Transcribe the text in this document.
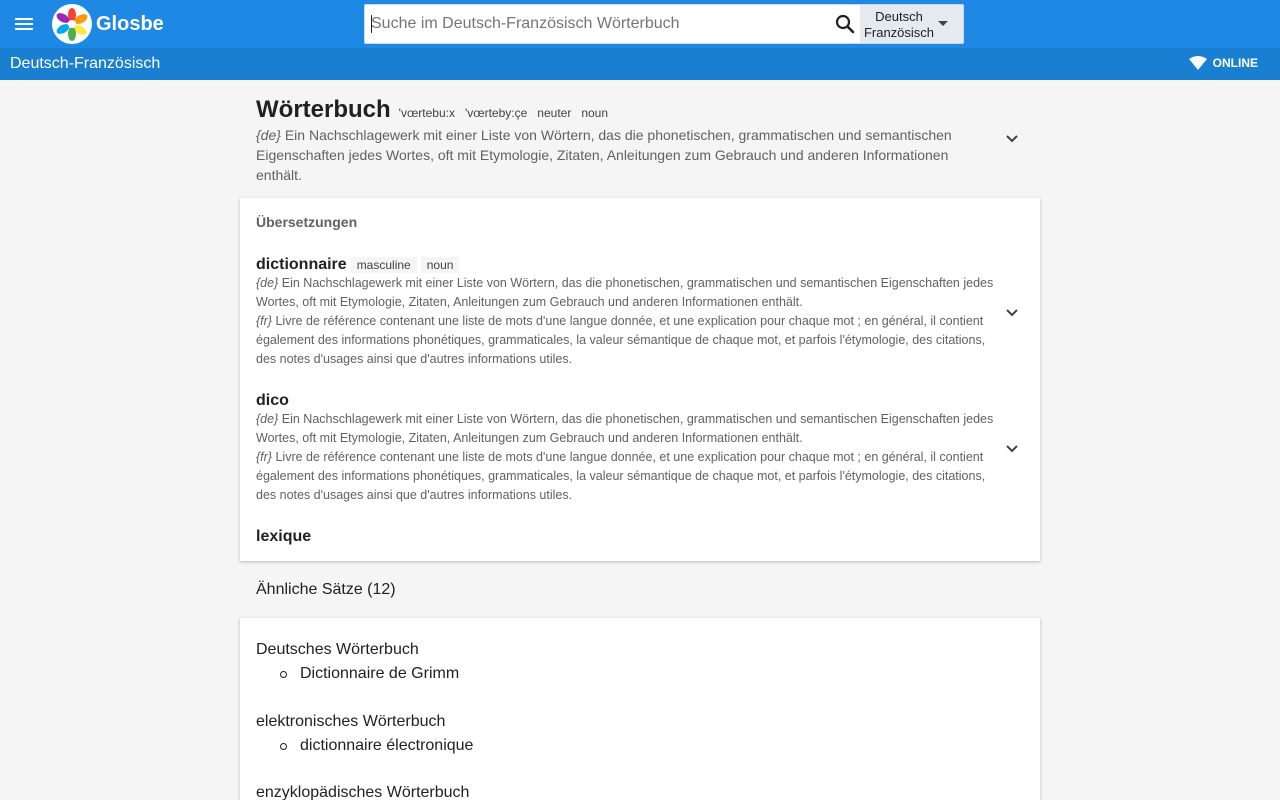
Glosbe
Suche im Deutsch-Französisch Wörterbuch	Deutsch
Französisch
Deutsch-Französisch	ONLINE
Wörterbuch 'vœrtebu:x 'vœrteby:çe neuter noun
{de} Ein Nachschlagewerk mit einer Liste von Wörtern, das die phonetischen, grammatischen und semantischen Eigenschaften jedes Wortes, oft mit Etymologie, Zitaten, Anleitungen zum Gebrauch und anderen Informationen enthält.
Übersetzungen
dictionnaire masculine	noun
{de} Ein Nachschlagewerk mit einer Liste von Wörtern, das die phonetischen, grammatischen und semantischen Eigenschaften jedes Wortes, oft mit Etymologie, Zitaten, Anleitungen zum Gebrauch und anderen Informationen enthält.
{fr} Livre de référence contenant une liste de mots d'une langue donnée, et une explication pour chaque mot ; en général, il contient également des informations phonétiques, grammaticales, la valeur sémantique de chaque mot, et parfois l'étymologie, des citations, des notes d'usages ainsi que d'autres informations utiles.
dico
{de} Ein Nachschlagewerk mit einer Liste von Wörtern, das die phonetischen, grammatischen und semantischen Eigenschaften jedes Wortes, oft mit Etymologie, Zitaten, Anleitungen zum Gebrauch und anderen Informationen enthält.
{fr} Livre de référence contenant une liste de mots d'une langue donnée, et une explication pour chaque mot ; en général, il contient également des informations phonétiques, grammaticales, la valeur sémantique de chaque mot, et parfois l'étymologie, des citations, des notes d'usages ainsi que d'autres informations utiles.
lexique
Ähnliche Sätze (12)
Deutsches Wörterbuch
Dictionnaire de Grimm
elektronisches Wörterbuch
dictionnaire électronique
enzyklopädisches Wörterbuch
